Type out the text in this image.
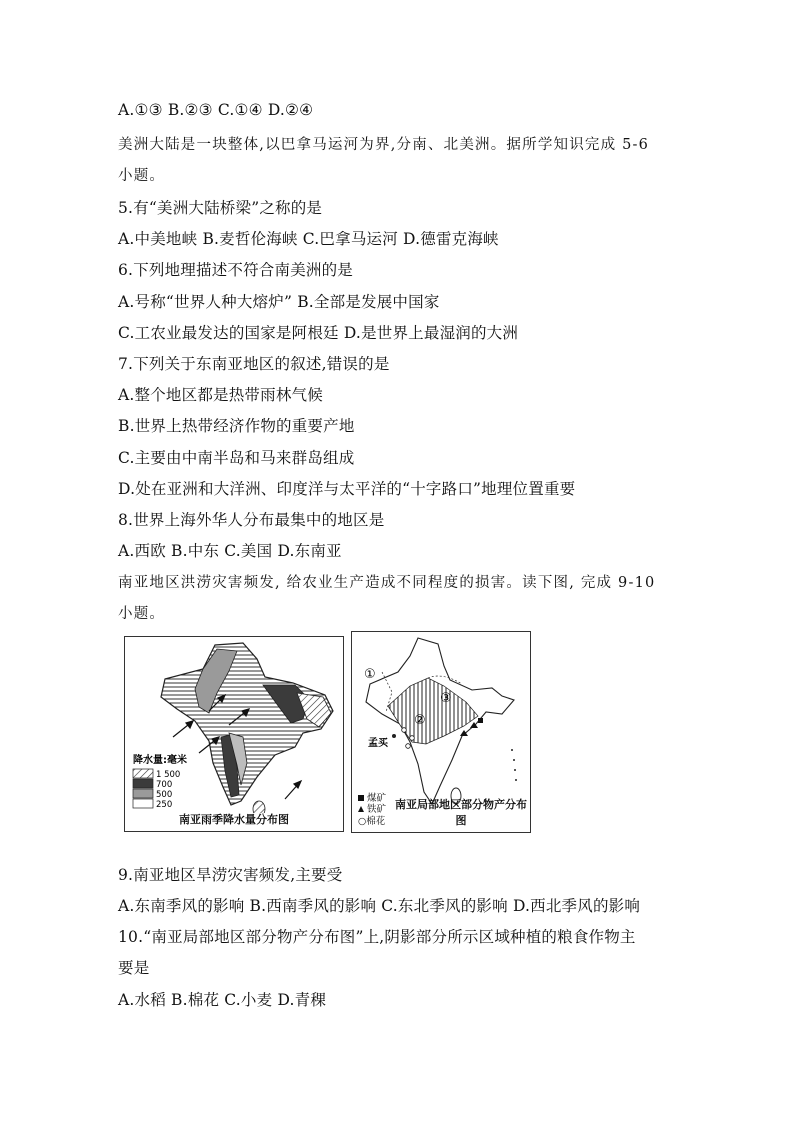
A.①③ B.②③ C.①④ D.②④
美洲大陆是一块整体,以巴拿马运河为界,分南、北美洲。据所学知识完成 5-6
小题。
5.有“美洲大陆桥梁”之称的是
A.中美地峡 B.麦哲伦海峡 C.巴拿马运河 D.德雷克海峡
6.下列地理描述不符合南美洲的是
A.号称“世界人种大熔炉” B.全部是发展中国家
C.工农业最发达的国家是阿根廷 D.是世界上最湿润的大洲
7.下列关于东南亚地区的叙述,错误的是
A.整个地区都是热带雨林气候
B.世界上热带经济作物的重要产地
C.主要由中南半岛和马来群岛组成
D.处在亚洲和大洋洲、印度洋与太平洋的“十字路口”地理位置重要
8.世界上海外华人分布最集中的地区是
A.西欧 B.中东 C.美国 D.东南亚
南亚地区洪涝灾害频发, 给农业生产造成不同程度的损害。读下图, 完成 9-10
小题。
降水量:毫米
1 500
700
500
250
南亚雨季降水量分布图
①
②
③
孟买
煤矿
铁矿
○棉花
南亚局部地区部分物产分布图
9.南亚地区旱涝灾害频发,主要受
A.东南季风的影响 B.西南季风的影响 C.东北季风的影响 D.西北季风的影响
10.“南亚局部地区部分物产分布图”上,阴影部分所示区域种植的粮食作物主
要是
A.水稻 B.棉花 C.小麦 D.青稞
